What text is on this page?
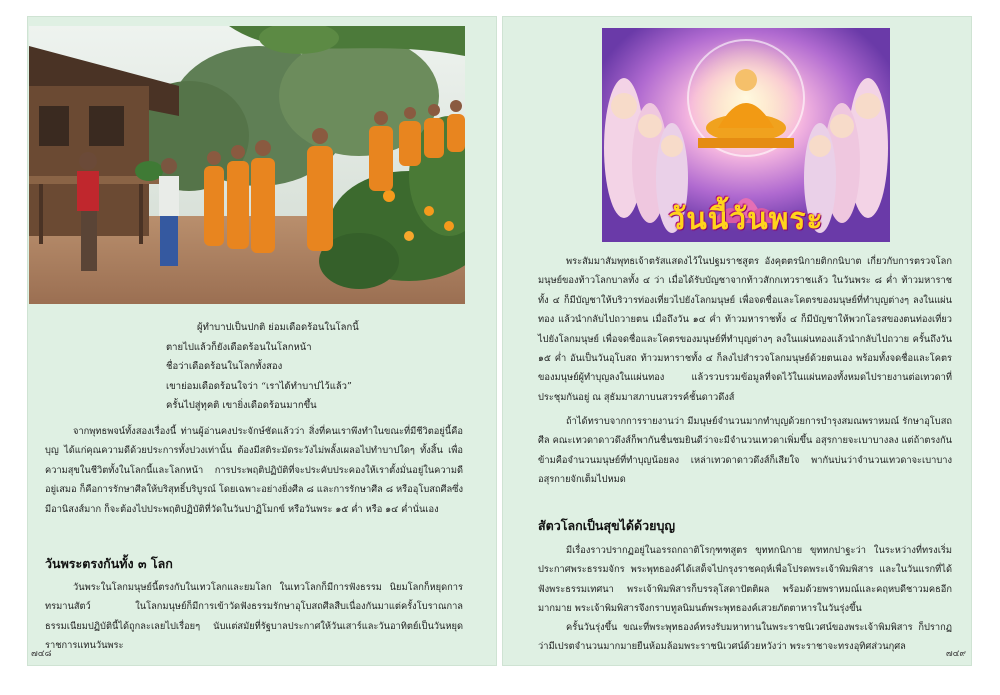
ผู้ทำบาปเป็นปกติ ย่อมเดือดร้อนในโลกนี้
ตายไปแล้วก็ยังเดือดร้อนในโลกหน้า
ชื่อว่าเดือดร้อนในโลกทั้งสอง
เขาย่อมเดือดร้อนใจว่า “เราได้ทำบาปไว้แล้ว”
ครั้นไปสู่ทุคติ เขายิ่งเดือดร้อนมากขึ้น
จากพุทธพจน์ทั้งสองเรื่องนี้ ท่านผู้อ่านคงประจักษ์ชัดแล้วว่า สิ่งที่คนเราพึงทำในขณะที่มีชีวิตอยู่นี้คือบุญ ได้แก่คุณความดีด้วยประการทั้งปวงเท่านั้น ต้องมีสติระมัดระวังไม่พลั้งเผลอไปทำบาปใดๆ ทั้งสิ้น เพื่อความสุขในชีวิตทั้งในโลกนี้และโลกหน้า การประพฤติปฏิบัติที่จะประคับประคองให้เราตั้งมั่นอยู่ในความดีอยู่เสมอ ก็คือการรักษาศีลให้บริสุทธิ์บริบูรณ์ โดยเฉพาะอย่างยิ่งศีล ๘ และการรักษาศีล ๘ หรืออุโบสถศีลซึ่งมีอานิสงส์มาก ก็จะต้องไปประพฤติปฏิบัติที่วัดในวันปาฏิโมกข์ หรือวันพระ ๑๕ ค่ำ หรือ ๑๔ ค่ำนั่นเอง
วันพระตรงกันทั้ง ๓ โลก
วันพระในโลกมนุษย์นี้ตรงกับในเทวโลกและยมโลก ในเทวโลกก็มีการฟังธรรม นิยมโลกก็หยุดการทรมานสัตว์ ในโลกมนุษย์ก็มีการเข้าวัดฟังธรรมรักษาอุโบสถศีลสืบเนื่องกันมาแต่ครั้งโบราณกาล ธรรมเนียมปฏิบัตินี้ได้ถูกละเลยไปเรื่อยๆ นับแต่สมัยที่รัฐบาลประกาศให้วันเสาร์และวันอาทิตย์เป็นวันหยุดราชการแทนวันพระ
๗๔๘
วันนี้วันพระ
พระสัมมาสัมพุทธเจ้าตรัสแสดงไว้ในปฐมราชสูตร อังคุตตรนิกายติกกนิบาต เกี่ยวกับการตรวจโลกมนุษย์ของท้าวโลกบาลทั้ง ๔ ว่า เมื่อได้รับบัญชาจากท้าวสักกเทวราชแล้ว ในวันพระ ๘ ค่ำ ท้าวมหาราชทั้ง ๔ ก็มีบัญชาให้บริวารท่องเที่ยวไปยังโลกมนุษย์ เพื่อจดชื่อและโคตรของมนุษย์ที่ทำบุญต่างๆ ลงในแผ่นทอง แล้วนำกลับไปถวายตน เมื่อถึงวัน ๑๔ ค่ำ ท้าวมหาราชทั้ง ๔ ก็มีบัญชาให้พวกโอรสของตนท่องเที่ยวไปยังโลกมนุษย์ เพื่อจดชื่อและโคตรของมนุษย์ที่ทำบุญต่างๆ ลงในแผ่นทองแล้วนำกลับไปถวาย ครั้นถึงวัน ๑๕ ค่ำ อันเป็นวันอุโบสถ ท้าวมหาราชทั้ง ๔ ก็ลงไปสำรวจโลกมนุษย์ด้วยตนเอง พร้อมทั้งจดชื่อและโคตรของมนุษย์ผู้ทำบุญลงในแผ่นทอง แล้วรวบรวมข้อมูลที่จดไว้ในแผ่นทองทั้งหมดไปรายงานต่อเทวดาที่ประชุมกันอยู่ ณ สุธัมมาสภาบนสวรรค์ชั้นดาวดึงส์
ถ้าได้ทราบจากการรายงานว่า มีมนุษย์จำนวนมากทำบุญด้วยการบำรุงสมณพราหมณ์ รักษาอุโบสถศีล คณะเทวดาดาวดึงส์ก็พากันชื่นชมยินดีว่าจะมีจำนวนเทวดาเพิ่มขึ้น อสุรกายจะเบาบางลง แต่ถ้าตรงกันข้ามคือจำนวนมนุษย์ที่ทำบุญน้อยลง เหล่าเทวดาดาวดึงส์ก็เสียใจ พากันบ่นว่าจำนวนเทวดาจะเบาบาง อสุรกายจักเต็มไปหมด
สัตวโลกเป็นสุขได้ด้วยบุญ
มีเรื่องราวปรากฏอยู่ในอรรถกถาติโรกุฑฑสูตร ขุททกนิกาย ขุททกปาฐะว่า ในระหว่างที่ทรงเริ่มประกาศพระธรรมจักร พระพุทธองค์ได้เสด็จไปกรุงราชคฤห์เพื่อโปรดพระเจ้าพิมพิสาร และในวันแรกที่ได้ฟังพระธรรมเทศนา พระเจ้าพิมพิสารก็บรรลุโสดาปัตติผล พร้อมด้วยพราหมณ์และคฤหบดีชาวมคธอีกมากมาย พระเจ้าพิมพิสารจึงกราบทูลนิมนต์พระพุทธองค์เสวยภัตตาหารในวันรุ่งขึ้น
ครั้นวันรุ่งขึ้น ขณะที่พระพุทธองค์ทรงรับมหาทานในพระราชนิเวศน์ของพระเจ้าพิมพิสาร ก็ปรากฏว่ามีเปรตจำนวนมากมายยืนห้อมล้อมพระราชนิเวศน์ด้วยหวังว่า พระราชาจะทรงอุทิศส่วนกุศล
๗๔๙
